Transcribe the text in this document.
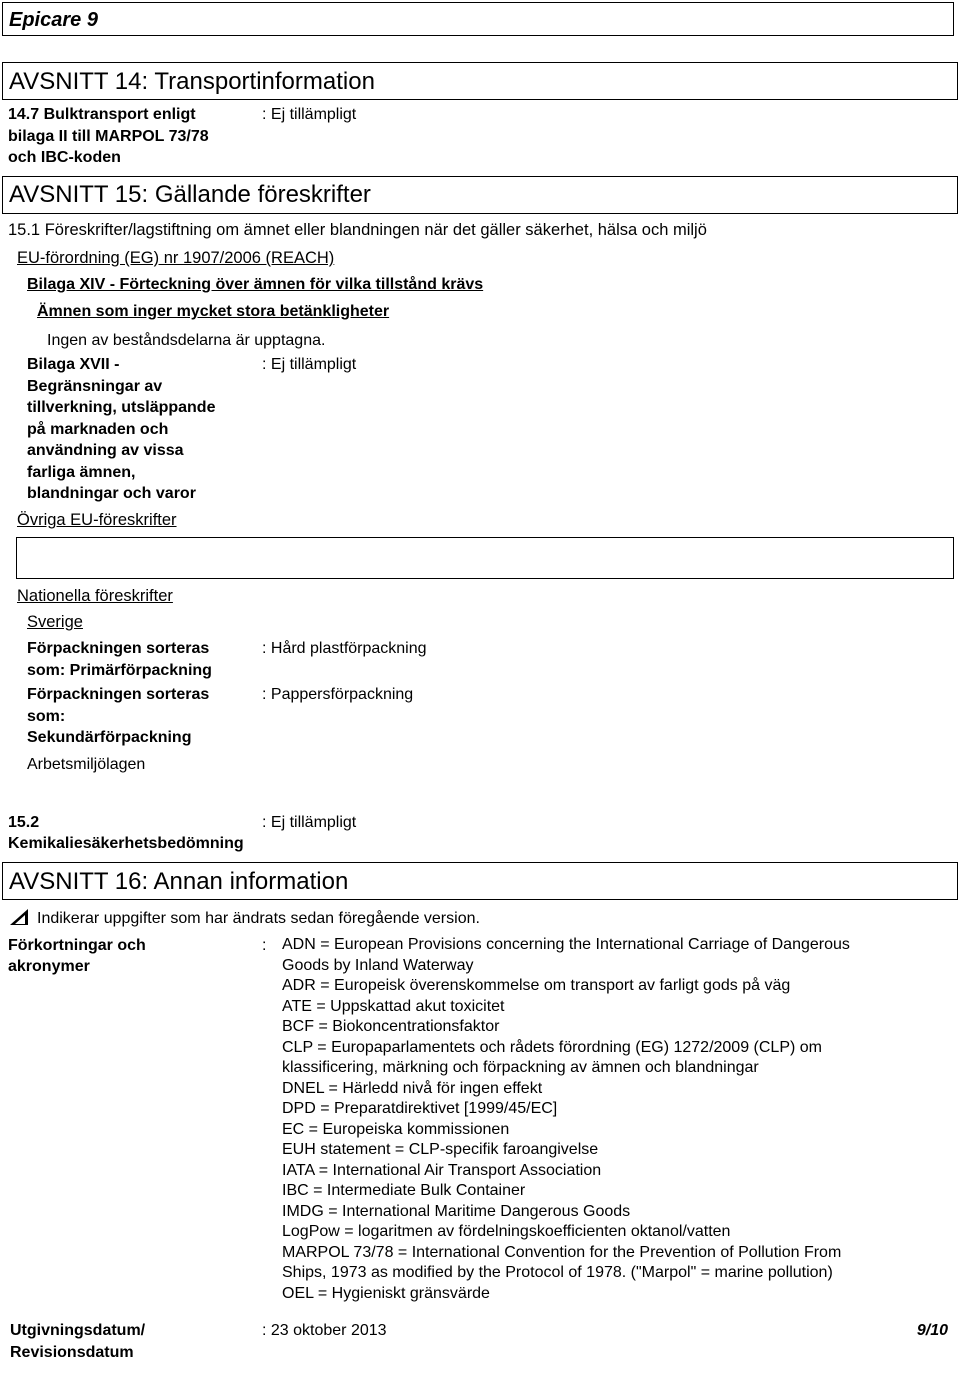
Epicare 9
AVSNITT 14: Transportinformation
14.7 Bulktransport enligt
bilaga II till MARPOL 73/78
och IBC-koden
: Ej tillämpligt
AVSNITT 15: Gällande föreskrifter
15.1 Föreskrifter/lagstiftning om ämnet eller blandningen när det gäller säkerhet, hälsa och miljö
EU-förordning (EG) nr 1907/2006 (REACH)
Bilaga XIV - Förteckning över ämnen för vilka tillstånd krävs
Ämnen som inger mycket stora betänkligheter
Ingen av beståndsdelarna är upptagna.
Bilaga XVII -
Begränsningar av
tillverkning, utsläppande
på marknaden och
användning av vissa
farliga ämnen,
blandningar och varor
: Ej tillämpligt
Övriga EU-föreskrifter
Nationella föreskrifter
Sverige
Förpackningen sorteras
som: Primärförpackning
: Hård plastförpackning
Förpackningen sorteras
som:
Sekundärförpackning
: Pappersförpackning
Arbetsmiljölagen
15.2
Kemikaliesäkerhetsbedömning
: Ej tillämpligt
AVSNITT 16: Annan information
Indikerar uppgifter som har ändrats sedan föregående version.
Förkortningar och
akronymer
: ADN = European Provisions concerning the International Carriage of Dangerous
Goods by Inland Waterway
ADR = Europeisk överenskommelse om transport av farligt gods på väg
ATE = Uppskattad akut toxicitet
BCF = Biokoncentrationsfaktor
CLP = Europaparlamentets och rådets förordning (EG) 1272/2009 (CLP) om
klassificering, märkning och förpackning av ämnen och blandningar
DNEL = Härledd nivå för ingen effekt
DPD = Preparatdirektivet [1999/45/EC]
EC = Europeiska kommissionen
EUH statement = CLP-specifik faroangivelse
IATA = International Air Transport Association
IBC = Intermediate Bulk Container
IMDG = International Maritime Dangerous Goods
LogPow = logaritmen av fördelningskoefficienten oktanol/vatten
MARPOL 73/78 = International Convention for the Prevention of Pollution From
Ships, 1973 as modified by the Protocol of 1978. ("Marpol" = marine pollution)
OEL = Hygieniskt gränsvärde
Utgivningsdatum/
Revisionsdatum
: 23 oktober 2013	9/10
